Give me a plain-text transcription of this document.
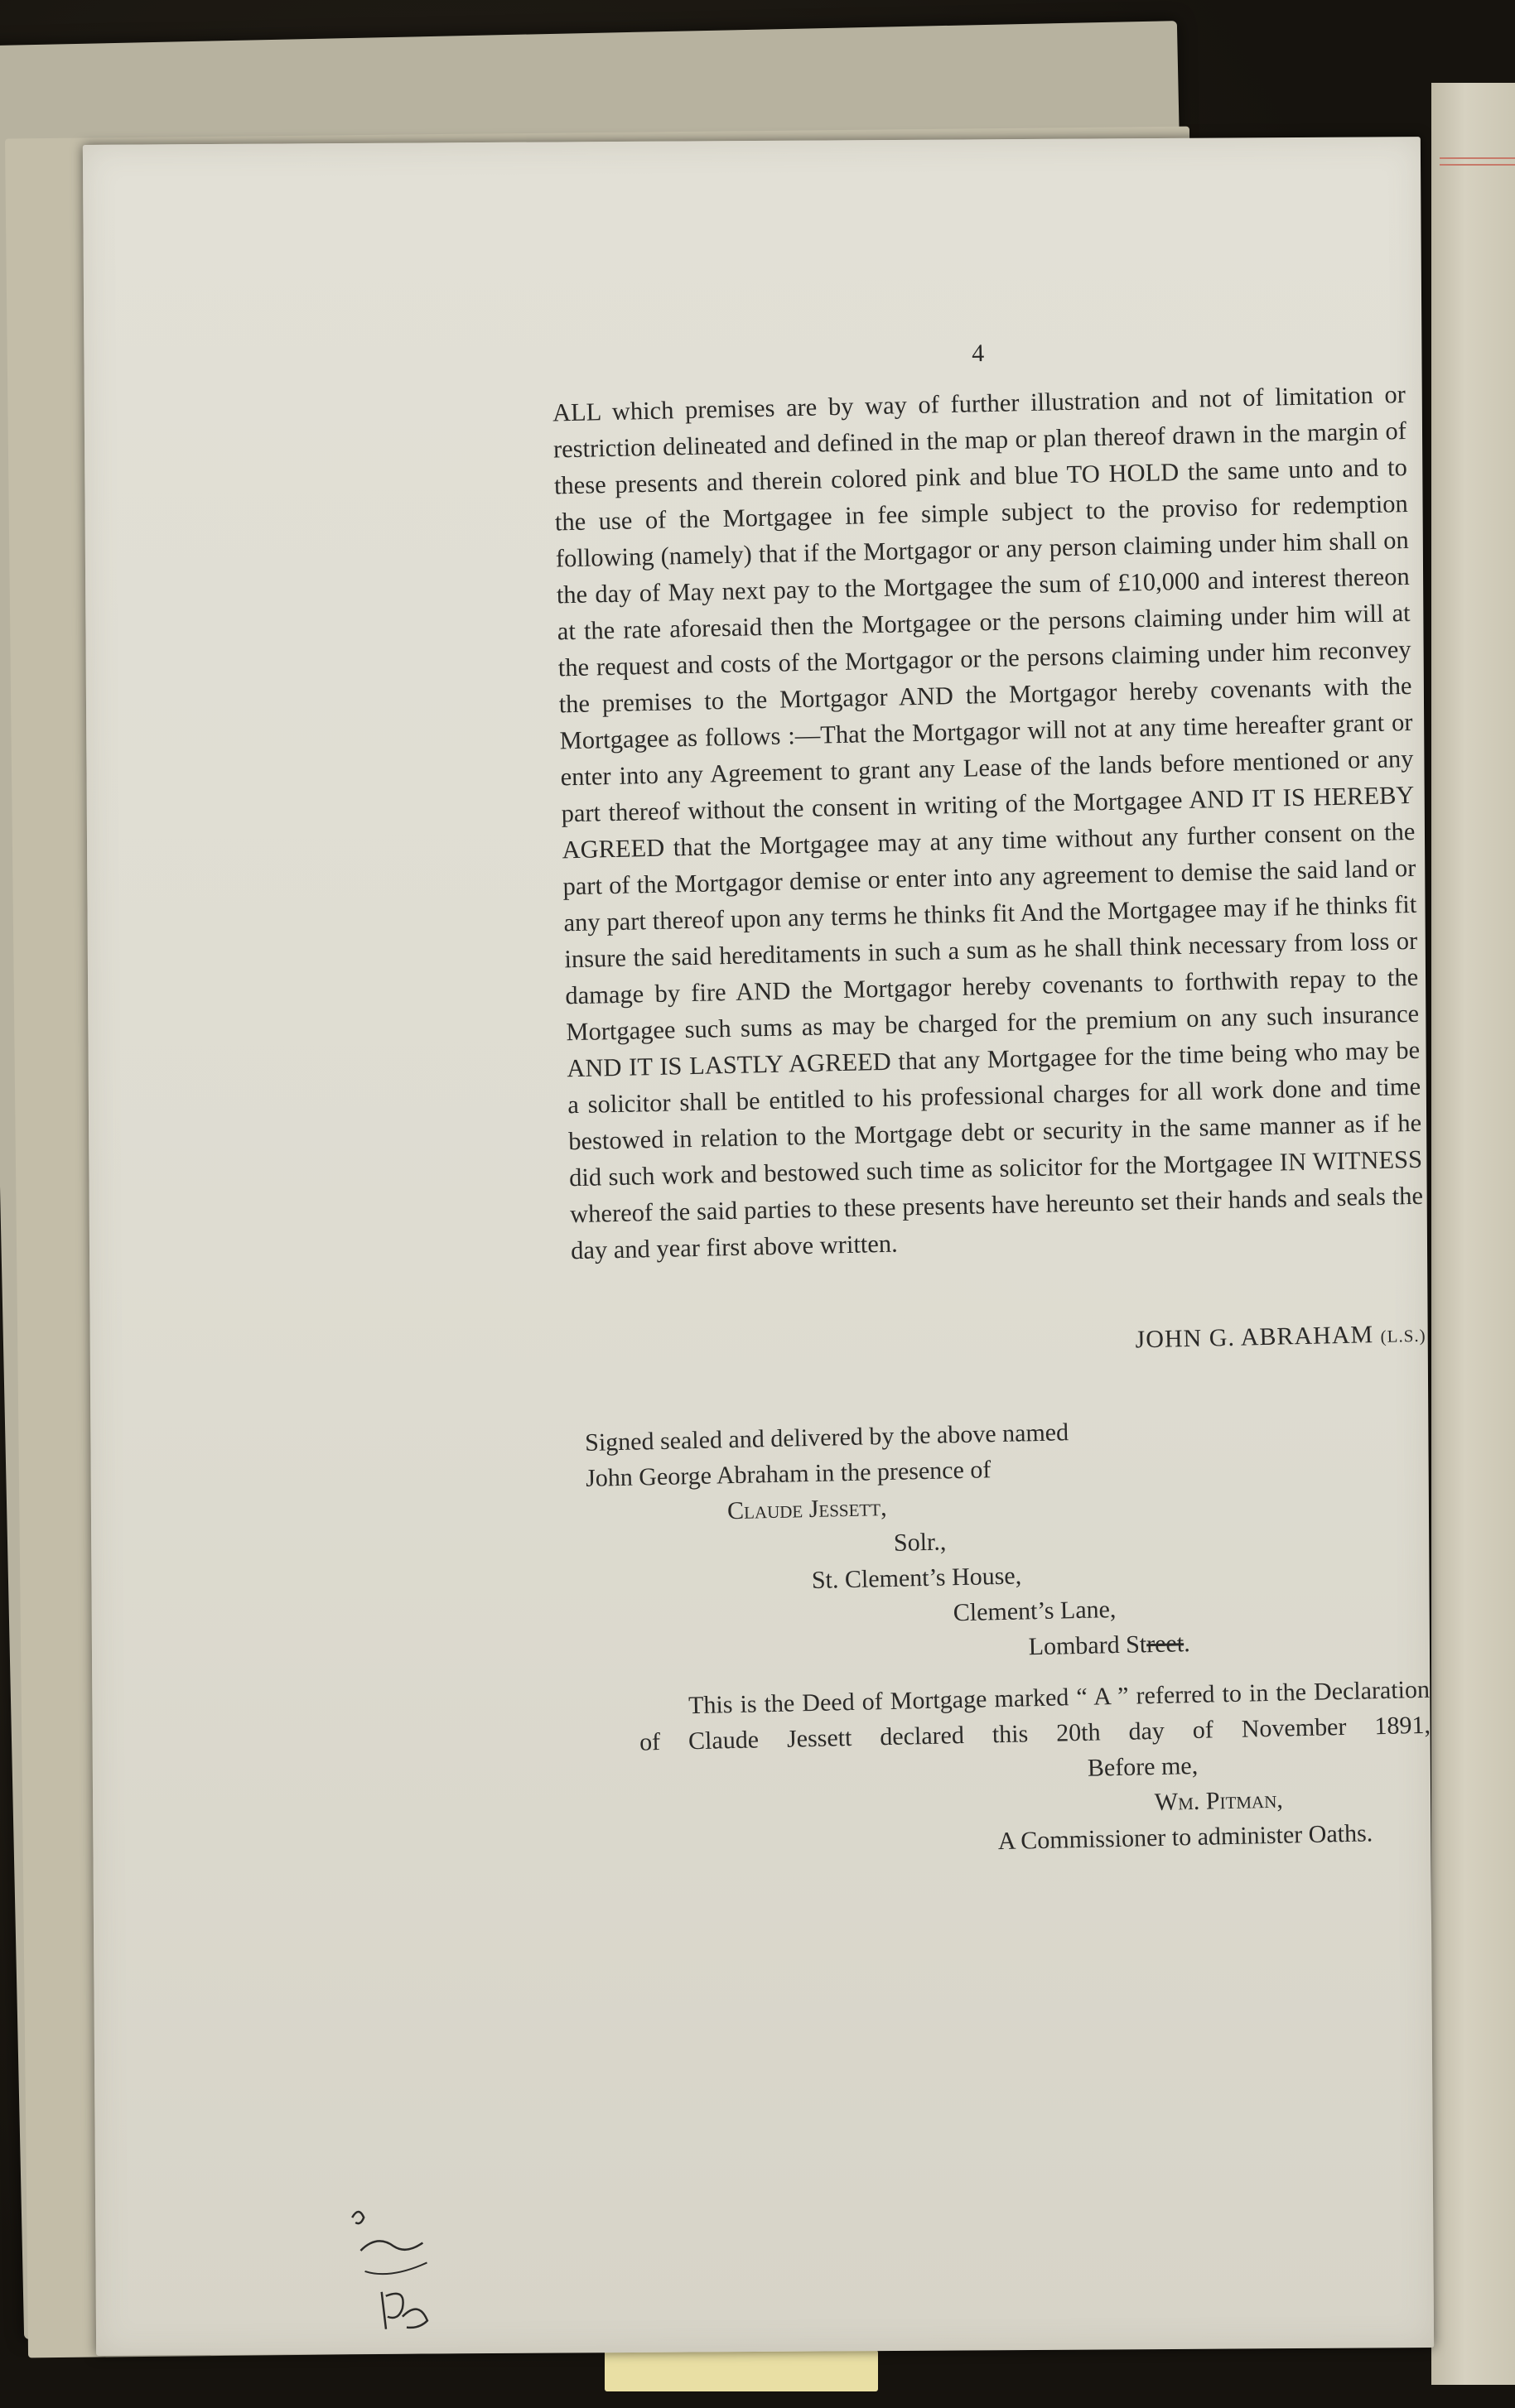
4
ALL which premises are by way of further illustration and not of limitation or restriction delineated and defined in the map or plan thereof drawn in the margin of these presents and therein colored pink and blue TO HOLD the same unto and to the use of the Mortgagee in fee simple subject to the proviso for redemption following (namely) that if the Mortgagor or any person claiming under him shall on the day of May next pay to the Mortgagee the sum of £10,000 and interest thereon at the rate aforesaid then the Mortgagee or the persons claiming under him will at the request and costs of the Mortgagor or the persons claiming under him reconvey the premises to the Mortgagor AND the Mortgagor hereby covenants with the Mortgagee as follows :—That the Mortgagor will not at any time hereafter grant or enter into any Agreement to grant any Lease of the lands before mentioned or any part thereof without the consent in writing of the Mortgagee AND IT IS HEREBY AGREED that the Mortgagee may at any time without any further consent on the part of the Mortgagor demise or enter into any agreement to demise the said land or any part thereof upon any terms he thinks fit And the Mortgagee may if he thinks fit insure the said hereditaments in such a sum as he shall think necessary from loss or damage by fire AND the Mortgagor hereby covenants to forthwith repay to the Mortgagee such sums as may be charged for the premium on any such insurance AND IT IS LASTLY AGREED that any Mortgagee for the time being who may be a solicitor shall be entitled to his professional charges for all work done and time bestowed in relation to the Mortgage debt or security in the same manner as if he did such work and bestowed such time as solicitor for the Mortgagee IN WITNESS whereof the said parties to these presents have hereunto set their hands and seals the day and year first above written.
JOHN G. ABRAHAM (L.S.)
Signed sealed and delivered by the above named
John George Abraham in the presence of
Claude Jessett,
Solr.,
St. Clement’s House,
Clement’s Lane,
Lombard Street.
This is the Deed of Mortgage marked “ A ” referred to in the Declaration of Claude Jessett declared this 20th day of November 1891,
Before me,
Wm. Pitman,
A Commissioner to administer Oaths.
